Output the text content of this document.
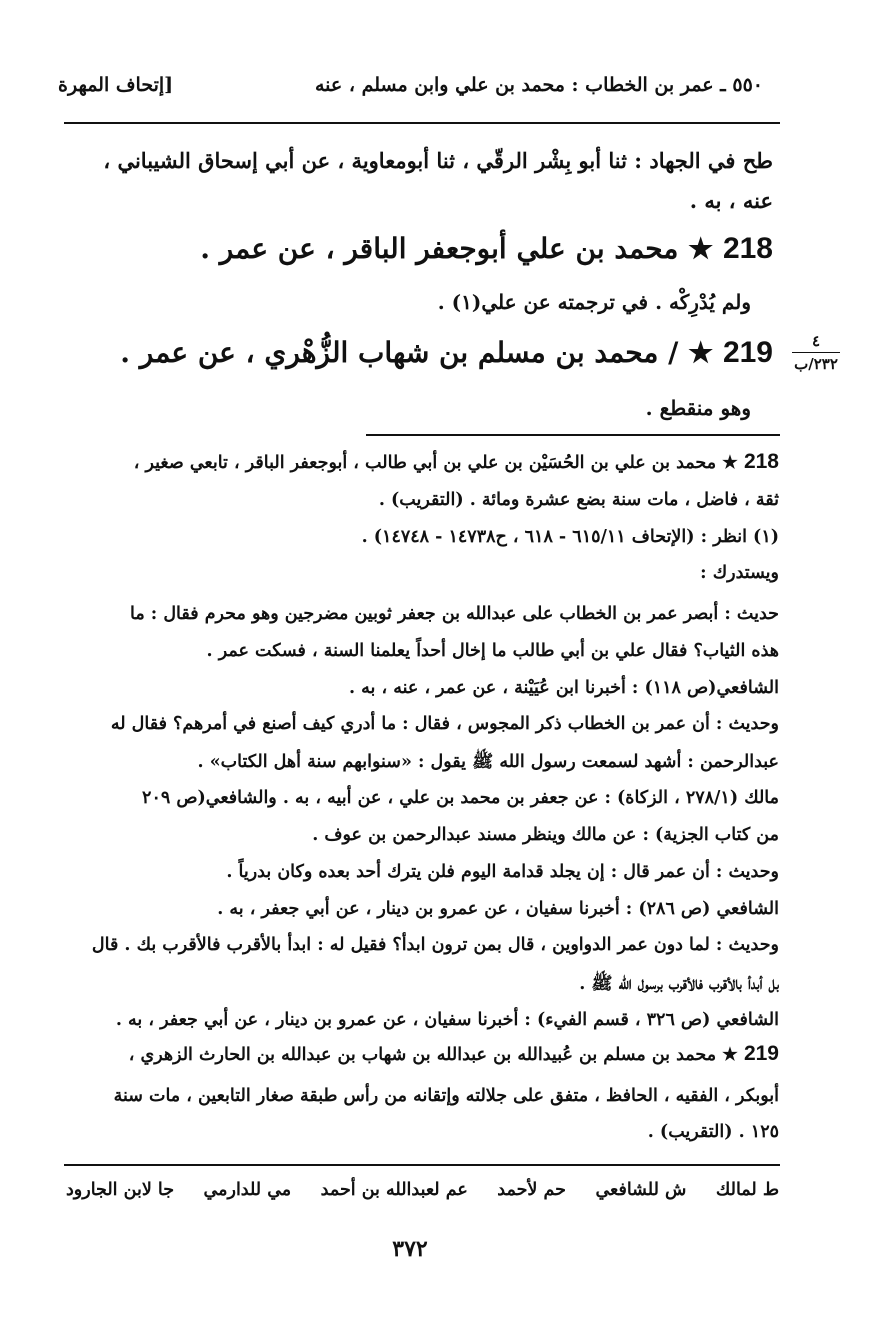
٥٥٠ ـ عمر بن الخطاب : محمد بن علي وابن مسلم ، عنه
[إتحاف المهرة
طح في الجهاد : ثنا أبو بِشْر الرقّي ، ثنا أبومعاوية ، عن أبي إسحاق الشيباني ،
عنه ، به .
218 ★ محمد بن علي أبوجعفر الباقر ، عن عمر .
ولم يُدْرِكْه . في ترجمته عن علي(١) .
٤
٢٣٢/ب
219 ★ / محمد بن مسلم بن شهاب الزُّهْري ، عن عمر .
وهو منقطع .
218 ★ محمد بن علي بن الحُسَيْن بن علي بن أبي طالب ، أبوجعفر الباقر ، تابعي صغير ،
ثقة ، فاضل ، مات سنة بضع عشرة ومائة . (التقريب) .
(١) انظر : (الإتحاف ٦١٥/١١ - ٦١٨ ، ح١٤٧٣٨ - ١٤٧٤٨) .
ويستدرك :
حديث : أبصر عمر بن الخطاب على عبدالله بن جعفر ثوبين مضرجين وهو محرم فقال : ما
هذه الثياب؟ فقال علي بن أبي طالب ما إخال أحداً يعلمنا السنة ، فسكت عمر .
الشافعي(ص ١١٨) : أخبرنا ابن عُيَيْنة ، عن عمر ، عنه ، به .
وحديث : أن عمر بن الخطاب ذكر المجوس ، فقال : ما أدري كيف أصنع في أمرهم؟ فقال له
عبدالرحمن : أشهد لسمعت رسول الله ﷺ يقول : «سنوابهم سنة أهل الكتاب» .
مالك (٢٧٨/١ ، الزكاة) : عن جعفر بن محمد بن علي ، عن أبيه ، به . والشافعي(ص ٢٠٩
من كتاب الجزية) : عن مالك وينظر مسند عبدالرحمن بن عوف .
وحديث : أن عمر قال : إن يجلد قدامة اليوم فلن يترك أحد بعده وكان بدرياً .
الشافعي (ص ٢٨٦) : أخبرنا سفيان ، عن عمرو بن دينار ، عن أبي جعفر ، به .
وحديث : لما دون عمر الدواوين ، قال بمن ترون ابدأ؟ فقيل له : ابدأ بالأقرب فالأقرب بك . قال
بل أبدأ بالأقرب فالأقرب برسول الله ﷺ .
الشافعي (ص ٣٢٦ ، قسم الفيء) : أخبرنا سفيان ، عن عمرو بن دينار ، عن أبي جعفر ، به .
219 ★ محمد بن مسلم بن عُبيدالله بن عبدالله بن شهاب بن عبدالله بن الحارث الزهري ،
أبوبكر ، الفقيه ، الحافظ ، متفق على جلالته وإتقانه من رأس طبقة صغار التابعين ، مات سنة
١٢٥ . (التقريب) .
ط لمالك
ش للشافعي
حم لأحمد
عم لعبدالله بن أحمد
مي للدارمي
جا لابن الجارود
٣٧٢
